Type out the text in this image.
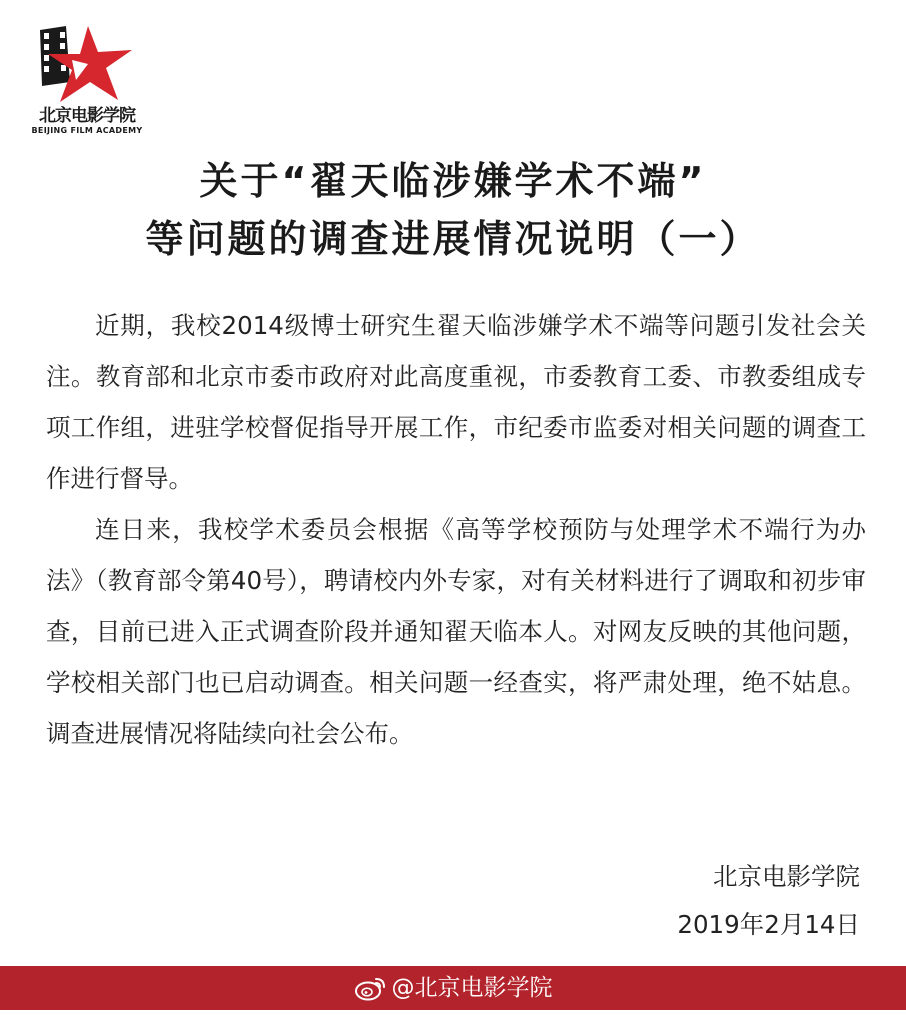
北京电影学院
BEIJING FILM ACADEMY
关于“翟天临涉嫌学术不端”
等问题的调查进展情况说明（一）

近期，我校2014级博士研究生翟天临涉嫌学术不端等问题引发社会关注。教育部和北京市委市政府对此高度重视，市委教育工委、市教委组成专项工作组，进驻学校督促指导开展工作，市纪委市监委对相关问题的调查工作进行督导。

连日来，我校学术委员会根据《高等学校预防与处理学术不端行为办法》（教育部令第40号），聘请校内外专家，对有关材料进行了调取和初步审查，目前已进入正式调查阶段并通知翟天临本人。对网友反映的其他问题，学校相关部门也已启动调查。相关问题一经查实，将严肃处理，绝不姑息。调查进展情况将陆续向社会公布。

北京电影学院
2019年2月14日
@北京电影学院
